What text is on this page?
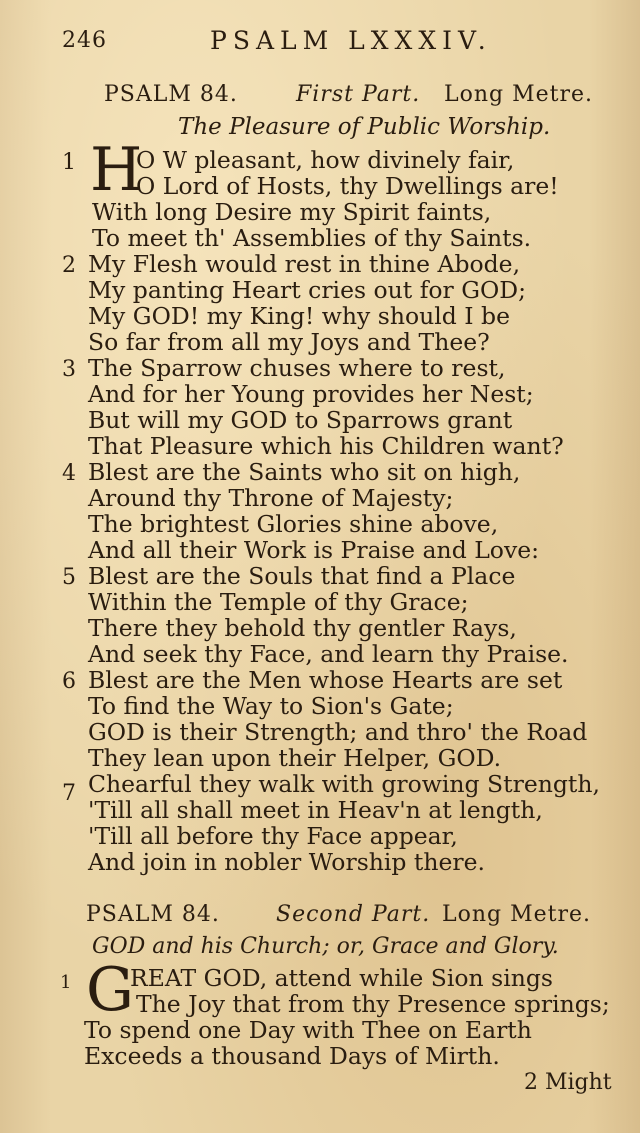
246	PSALM LXXXIV.
PSALM 84.	First Part. Long Metre.
The Pleasure of Public Worship.
1 H
O W pleasant, how divinely fair,
O Lord of Hosts, thy Dwellings are!
With long Desire my Spirit faints,
To meet th' Assemblies of thy Saints.
2 My Flesh would rest in thine Abode,
My panting Heart cries out for GOD;
My GOD! my King! why should I be
So far from all my Joys and Thee?
3 The Sparrow chuses where to rest,
And for her Young provides her Nest;
But will my GOD to Sparrows grant
That Pleasure which his Children want?
4 Blest are the Saints who sit on high,
Around thy Throne of Majesty;
The brightest Glories shine above,
And all their Work is Praise and Love:
5 Blest are the Souls that find a Place
Within the Temple of thy Grace;
There they behold thy gentler Rays,
And seek thy Face, and learn thy Praise.
6 Blest are the Men whose Hearts are set
To find the Way to Sion's Gate;
GOD is their Strength; and thro' the Road
They lean upon their Helper, GOD.
7 Chearful they walk with growing Strength,
'Till all shall meet in Heav'n at length,
'Till all before thy Face appear,
And join in nobler Worship there.
PSALM 84.	Second Part. Long Metre.
GOD and his Church; or, Grace and Glory.
1 G
REAT GOD, attend while Sion sings
The Joy that from thy Presence springs;
To spend one Day with Thee on Earth
Exceeds a thousand Days of Mirth.
2 Might
